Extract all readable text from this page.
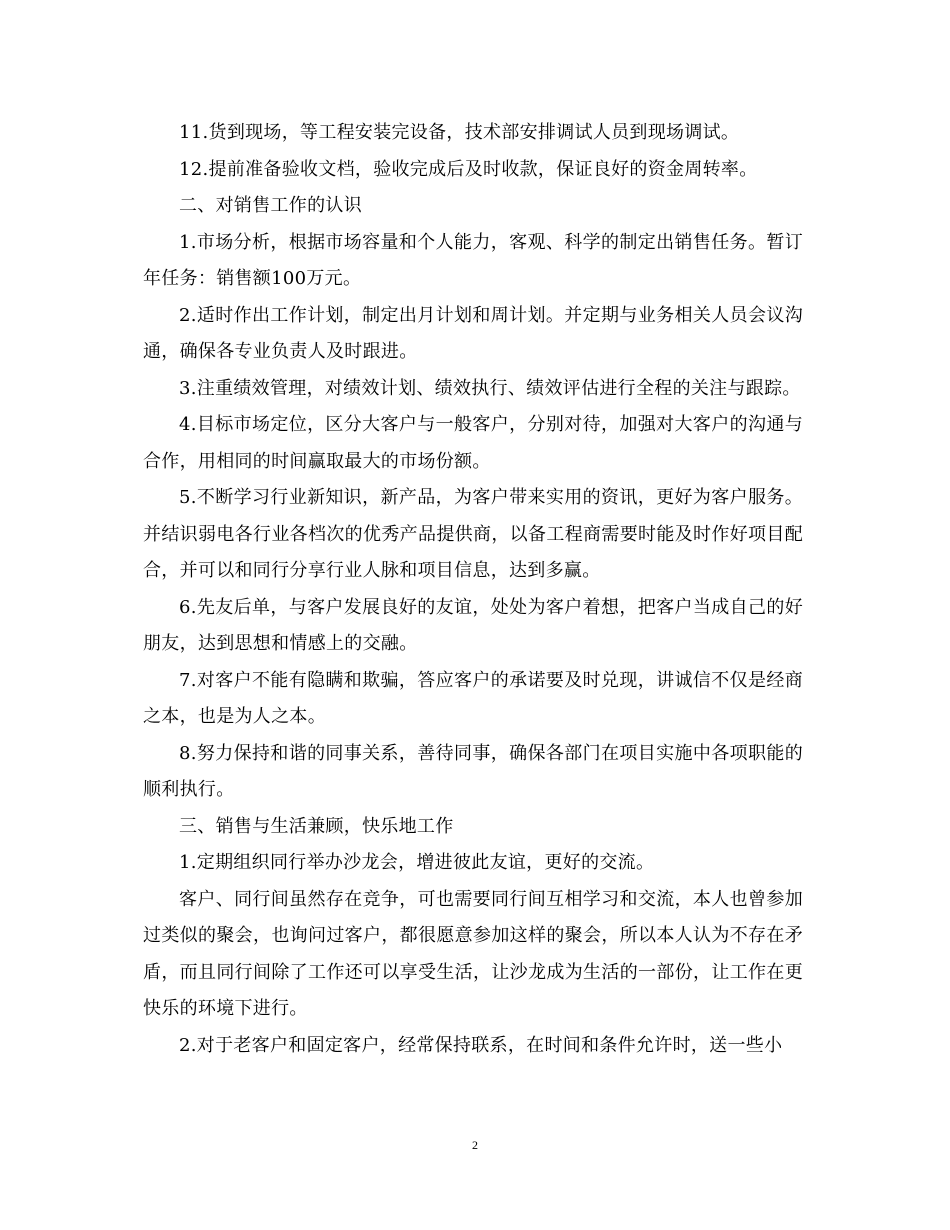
11.货到现场，等工程安装完设备，技术部安排调试人员到现场调试。

12.提前准备验收文档，验收完成后及时收款，保证良好的资金周转率。

二、对销售工作的认识

1.市场分析，根据市场容量和个人能力，客观、科学的制定出销售任务。暂订年任务：销售额100万元。

2.适时作出工作计划，制定出月计划和周计划。并定期与业务相关人员会议沟通，确保各专业负责人及时跟进。

3.注重绩效管理，对绩效计划、绩效执行、绩效评估进行全程的关注与跟踪。

4.目标市场定位，区分大客户与一般客户，分别对待，加强对大客户的沟通与合作，用相同的时间赢取最大的市场份额。

5.不断学习行业新知识，新产品，为客户带来实用的资讯，更好为客户服务。并结识弱电各行业各档次的优秀产品提供商，以备工程商需要时能及时作好项目配合，并可以和同行分享行业人脉和项目信息，达到多赢。

6.先友后单，与客户发展良好的友谊，处处为客户着想，把客户当成自己的好朋友，达到思想和情感上的交融。

7.对客户不能有隐瞒和欺骗，答应客户的承诺要及时兑现，讲诚信不仅是经商之本，也是为人之本。

8.努力保持和谐的同事关系，善待同事，确保各部门在项目实施中各项职能的顺利执行。

三、销售与生活兼顾，快乐地工作

1.定期组织同行举办沙龙会，增进彼此友谊，更好的交流。

客户、同行间虽然存在竞争，可也需要同行间互相学习和交流，本人也曾参加过类似的聚会，也询问过客户，都很愿意参加这样的聚会，所以本人认为不存在矛盾，而且同行间除了工作还可以享受生活，让沙龙成为生活的一部份，让工作在更快乐的环境下进行。

2.对于老客户和固定客户，经常保持联系，在时间和条件允许时，送一些小

2
